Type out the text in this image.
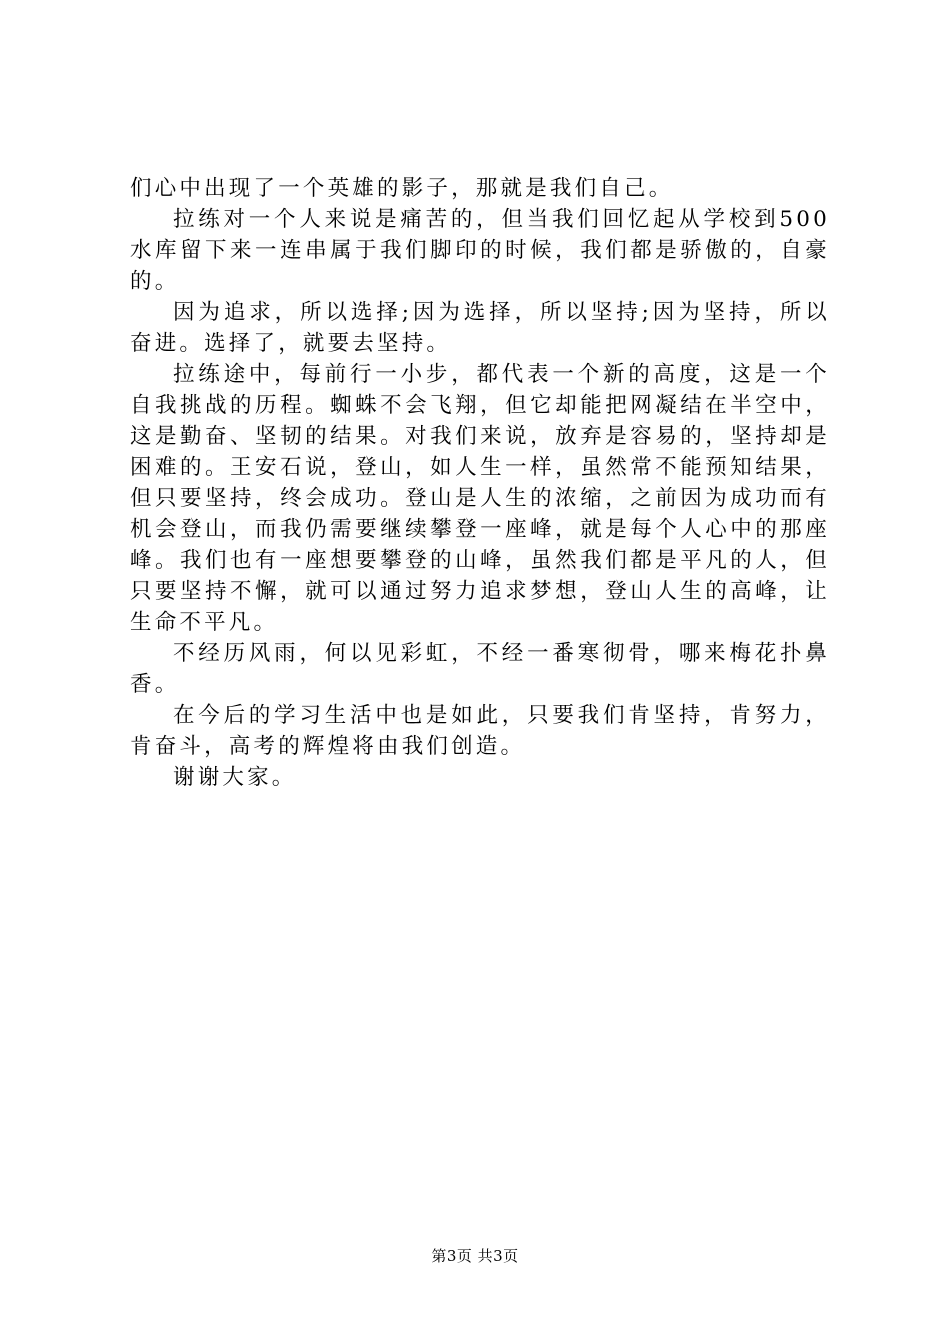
们心中出现了一个英雄的影子，那就是我们自己。

拉练对一个人来说是痛苦的，但当我们回忆起从学校到500水库留下来一连串属于我们脚印的时候，我们都是骄傲的，自豪的。

因为追求，所以选择;因为选择，所以坚持;因为坚持，所以奋进。选择了，就要去坚持。

拉练途中，每前行一小步，都代表一个新的高度，这是一个自我挑战的历程。蜘蛛不会飞翔，但它却能把网凝结在半空中，这是勤奋、坚韧的结果。对我们来说，放弃是容易的，坚持却是困难的。王安石说，登山，如人生一样，虽然常不能预知结果，但只要坚持，终会成功。登山是人生的浓缩，之前因为成功而有机会登山，而我仍需要继续攀登一座峰，就是每个人心中的那座峰。我们也有一座想要攀登的山峰，虽然我们都是平凡的人，但只要坚持不懈，就可以通过努力追求梦想，登山人生的高峰，让生命不平凡。

不经历风雨，何以见彩虹，不经一番寒彻骨，哪来梅花扑鼻香。

在今后的学习生活中也是如此，只要我们肯坚持，肯努力，肯奋斗，高考的辉煌将由我们创造。

谢谢大家。

第3页 共3页
